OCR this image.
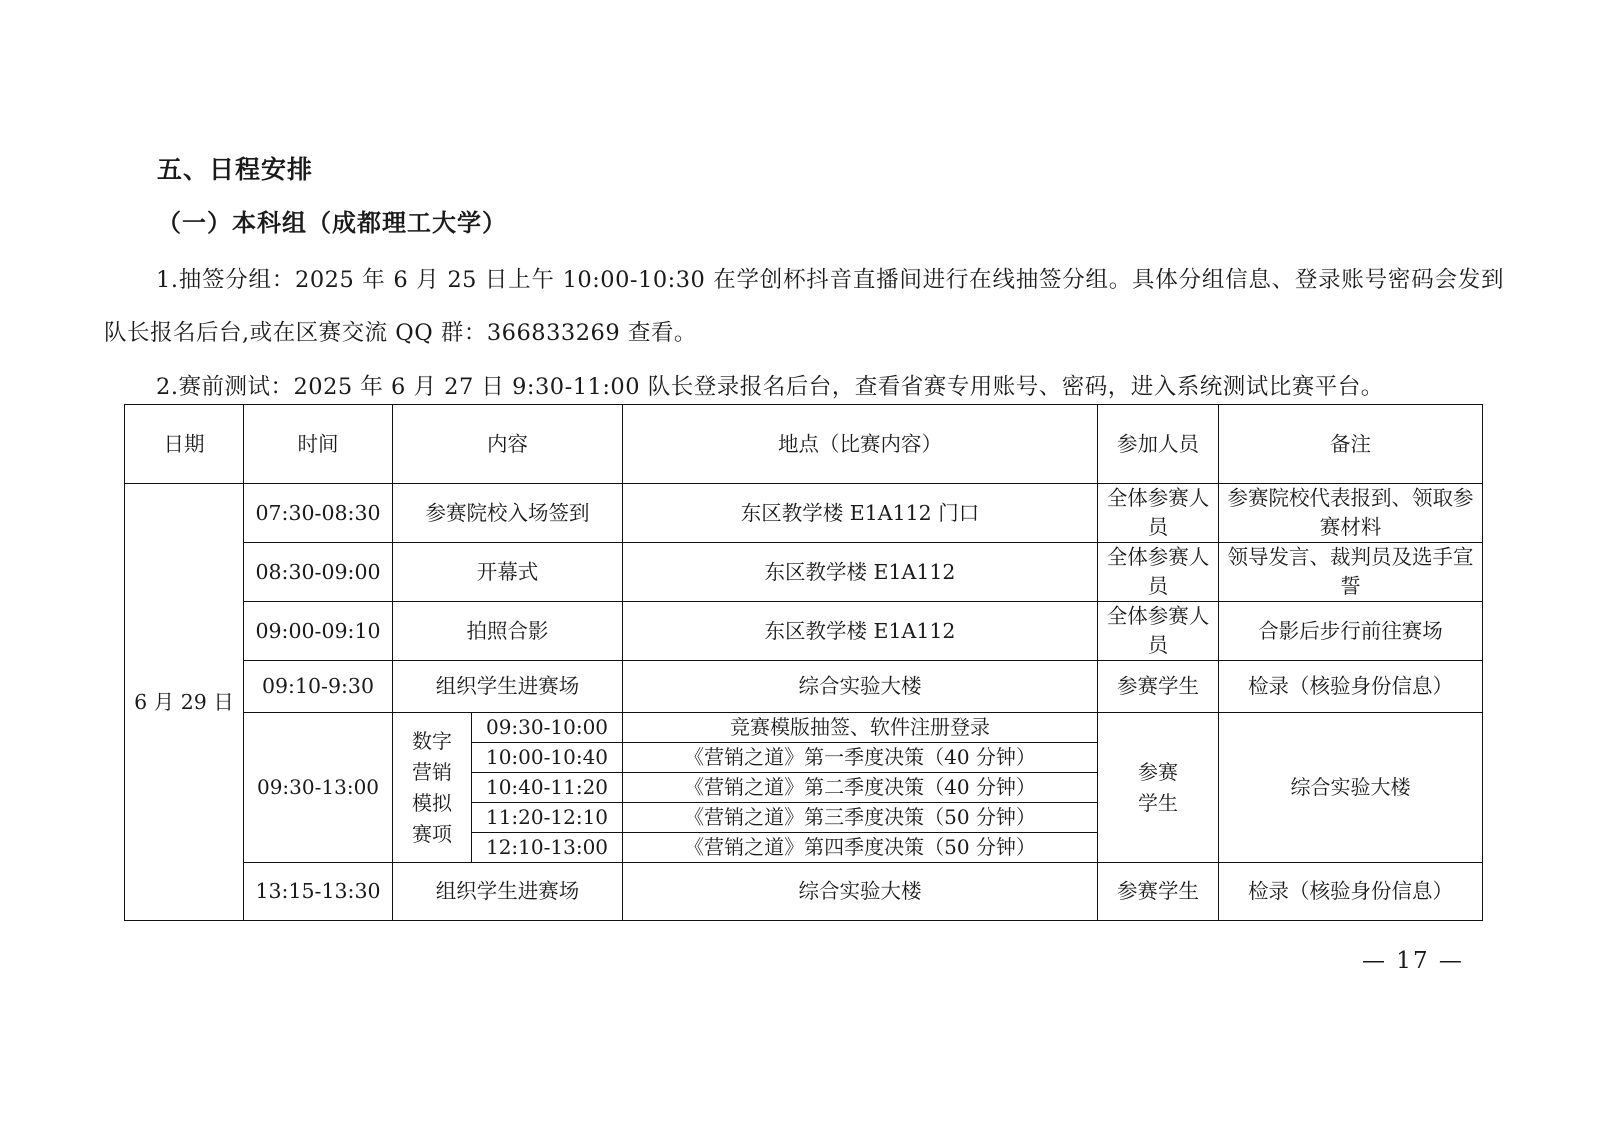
五、日程安排
（一）本科组（成都理工大学）
1.抽签分组：2025 年 6 月 25 日上午 10:00-10:30 在学创杯抖音直播间进行在线抽签分组。具体分组信息、登录账号密码会发到队长报名后台,或在区赛交流 QQ 群：366833269 查看。
2.赛前测试：2025 年 6 月 27 日 9:30-11:00 队长登录报名后台，查看省赛专用账号、密码，进入系统测试比赛平台。
日期	时间	内容		地点（比赛内容）	参加人员	备注
6 月 29 日	07:30-08:30	参赛院校入场签到		东区教学楼 E1A112 门口	全体参赛人员	参赛院校代表报到、领取参赛材料
	08:30-09:00	开幕式		东区教学楼 E1A112	全体参赛人员	领导发言、裁判员及选手宣誓
	09:00-09:10	拍照合影		东区教学楼 E1A112	全体参赛人员	合影后步行前往赛场
	09:10-9:30	组织学生进赛场		综合实验大楼	参赛学生	检录（核验身份信息）
	09:30-13:00	数字营销模拟赛项	09:30-10:00	竞赛模版抽签、软件注册登录	参赛学生	综合实验大楼
			10:00-10:40	《营销之道》第一季度决策（40 分钟）		
			10:40-11:20	《营销之道》第二季度决策（40 分钟）		
			11:20-12:10	《营销之道》第三季度决策（50 分钟）		
			12:10-13:00	《营销之道》第四季度决策（50 分钟）		
	13:15-13:30	组织学生进赛场		综合实验大楼	参赛学生	检录（核验身份信息）
— 17 —
